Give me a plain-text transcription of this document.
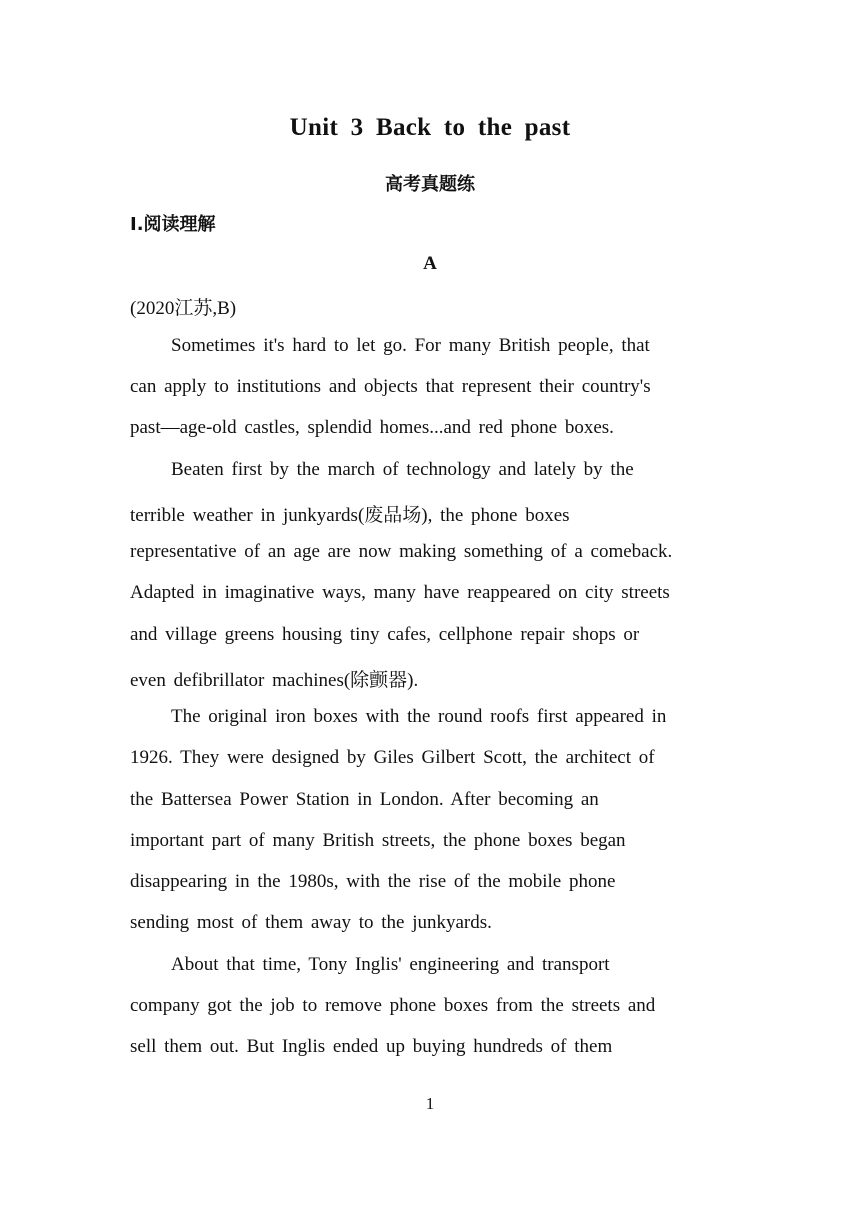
Unit 3 Back to the past
高考真题练
Ⅰ.阅读理解
A
(2020江苏,B)
Sometimes it's hard to let go. For many British people, that
can apply to institutions and objects that represent their country's
past—age-old castles, splendid homes...and red phone boxes.
Beaten first by the march of technology and lately by the
terrible weather in junkyards(废品场), the phone boxes
representative of an age are now making something of a comeback.
Adapted in imaginative ways, many have reappeared on city streets
and village greens housing tiny cafes, cellphone repair shops or
even defibrillator machines(除颤器).
The original iron boxes with the round roofs first appeared in
1926. They were designed by Giles Gilbert Scott, the architect of
the Battersea Power Station in London. After becoming an
important part of many British streets, the phone boxes began
disappearing in the 1980s, with the rise of the mobile phone
sending most of them away to the junkyards.
About that time, Tony Inglis' engineering and transport
company got the job to remove phone boxes from the streets and
sell them out. But Inglis ended up buying hundreds of them
1
